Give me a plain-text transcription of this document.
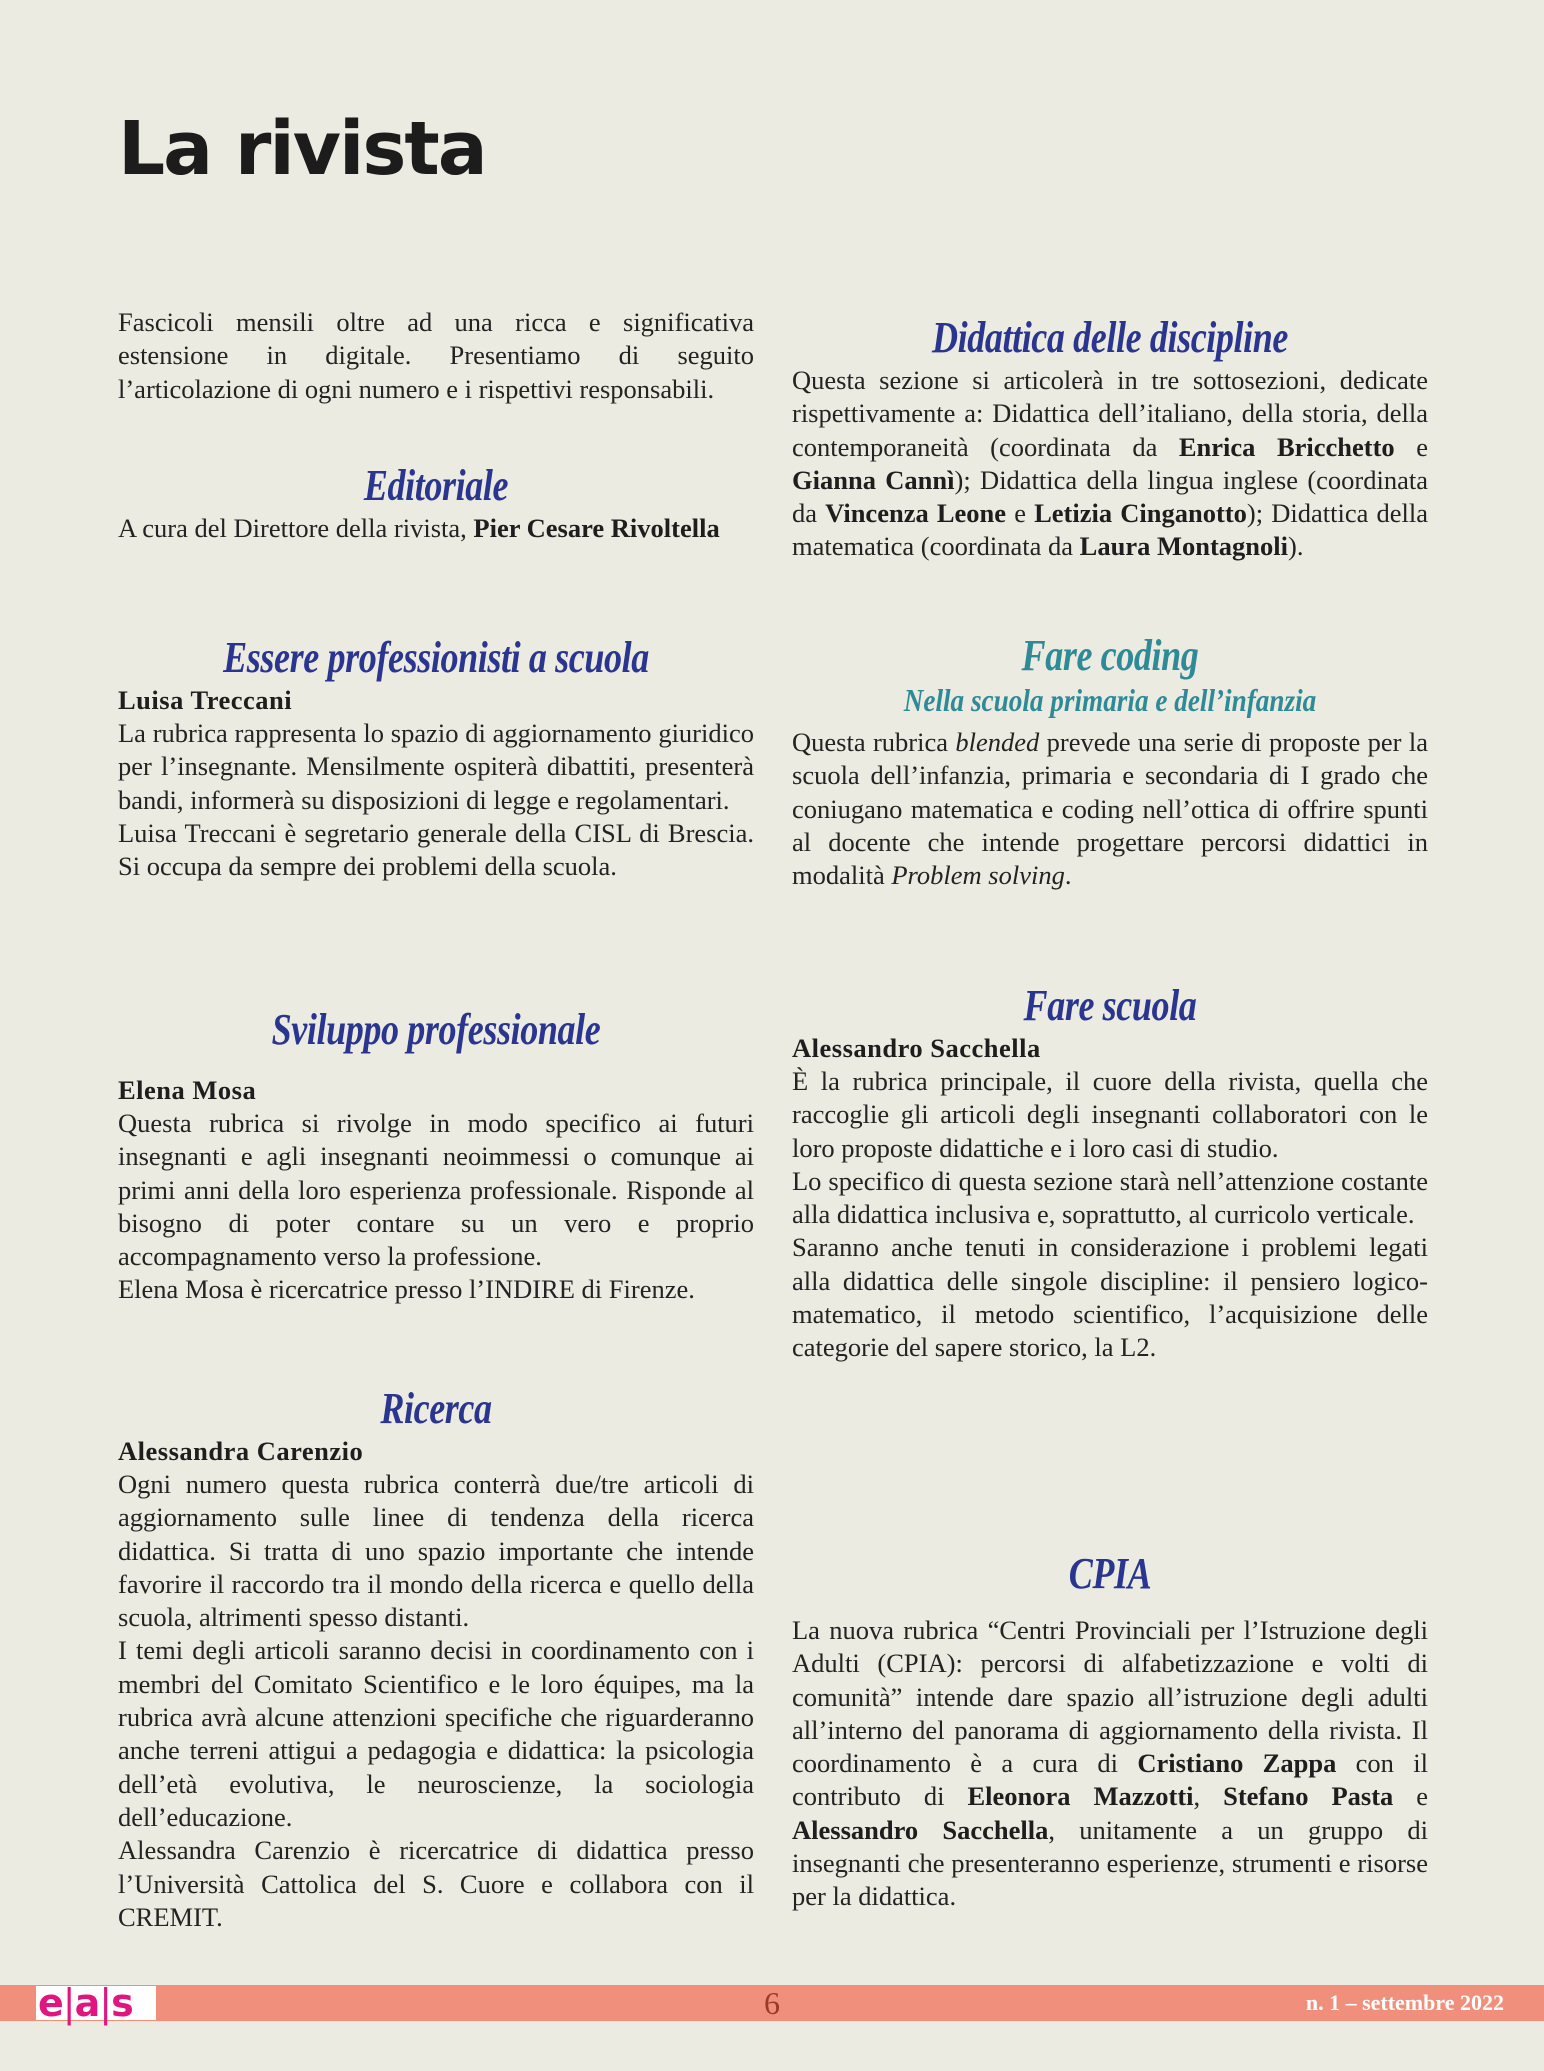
La rivista

Fascicoli mensili oltre ad una ricca e significativa estensione in digitale. Presentiamo di seguito l’articolazione di ogni numero e i rispettivi responsabili.

Editoriale

A cura del Direttore della rivista, Pier Cesare Rivoltella

Essere professionisti a scuola

Luisa Treccani

La rubrica rappresenta lo spazio di aggiornamento giuridico per l’insegnante. Mensilmente ospiterà dibattiti, presenterà bandi, informerà su disposizioni di legge e regolamentari.

Luisa Treccani è segretario generale della CISL di Brescia. Si occupa da sempre dei problemi della scuola.

Sviluppo professionale

Elena Mosa

Questa rubrica si rivolge in modo specifico ai futuri insegnanti e agli insegnanti neoimmessi o comunque ai primi anni della loro esperienza professionale. Risponde al bisogno di poter contare su un vero e proprio accompagnamento verso la professione.

Elena Mosa è ricercatrice presso l’INDIRE di Firenze.

Ricerca

Alessandra Carenzio

Ogni numero questa rubrica conterrà due/tre articoli di aggiornamento sulle linee di tendenza della ricerca didattica. Si tratta di uno spazio importante che intende favorire il raccordo tra il mondo della ricerca e quello della scuola, altrimenti spesso distanti.

I temi degli articoli saranno decisi in coordinamento con i membri del Comitato Scientifico e le loro équipes, ma la rubrica avrà alcune attenzioni specifiche che riguarderanno anche terreni attigui a pedagogia e didattica: la psicologia dell’età evolutiva, le neuroscienze, la sociologia dell’educazione.

Alessandra Carenzio è ricercatrice di didattica presso l’Università Cattolica del S. Cuore e collabora con il CREMIT.

Didattica delle discipline

Questa sezione si articolerà in tre sottosezioni, dedicate rispettivamente a: Didattica dell’italiano, della storia, della contemporaneità (coordinata da Enrica Bricchetto e Gianna Cannì); Didattica della lingua inglese (coordinata da Vincenza Leone e Letizia Cinganotto); Didattica della matematica (coordinata da Laura Montagnoli).

Fare coding

Nella scuola primaria e dell’infanzia

Questa rubrica blended prevede una serie di proposte per la scuola dell’infanzia, primaria e secondaria di I grado che coniugano matematica e coding nell’ottica di offrire spunti al docente che intende progettare percorsi didattici in modalità Problem solving.

Fare scuola

Alessandro Sacchella

È la rubrica principale, il cuore della rivista, quella che raccoglie gli articoli degli insegnanti collaboratori con le loro proposte didattiche e i loro casi di studio.

Lo specifico di questa sezione starà nell’attenzione costante alla didattica inclusiva e, soprattutto, al curricolo verticale.

Saranno anche tenuti in considerazione i problemi legati alla didattica delle singole discipline: il pensiero logico-matematico, il metodo scientifico, l’acquisizione delle categorie del sapere storico, la L2.

CPIA

La nuova rubrica “Centri Provinciali per l’Istruzione degli Adulti (CPIA): percorsi di alfabetizzazione e volti di comunità” intende dare spazio all’istruzione degli adulti all’interno del panorama di aggiornamento della rivista. Il coordinamento è a cura di Cristiano Zappa con il contributo di Eleonora Mazzotti, Stefano Pasta e Alessandro Sacchella, unitamente a un gruppo di insegnanti che presenteranno esperienze, strumenti e risorse per la didattica.

e|a|s	6	n. 1 – settembre 2022
